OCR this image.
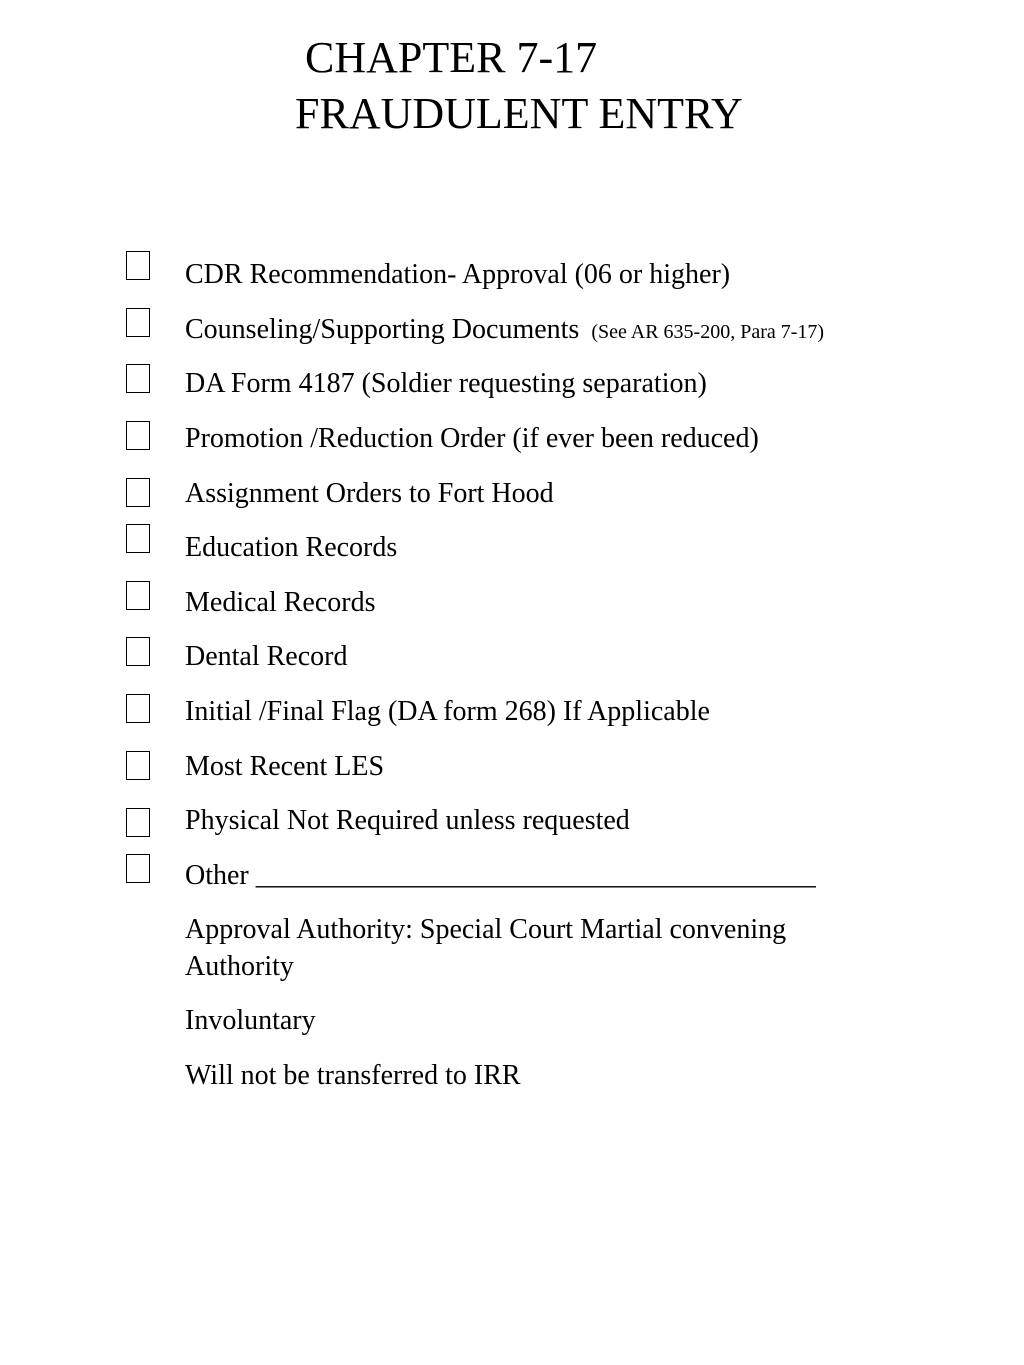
CHAPTER 7-17
FRAUDULENT ENTRY
CDR Recommendation- Approval (06 or higher)
Counseling/Supporting Documents (See AR 635-200, Para 7-17)
DA Form 4187 (Soldier requesting separation)
Promotion /Reduction Order (if ever been reduced)
Assignment Orders to Fort Hood
Education Records
Medical Records
Dental Record
Initial /Final Flag (DA form 268) If Applicable
Most Recent LES
Physical Not Required unless requested
Other ________________________________________
Approval Authority: Special Court Martial convening Authority
Involuntary
Will not be transferred to IRR
